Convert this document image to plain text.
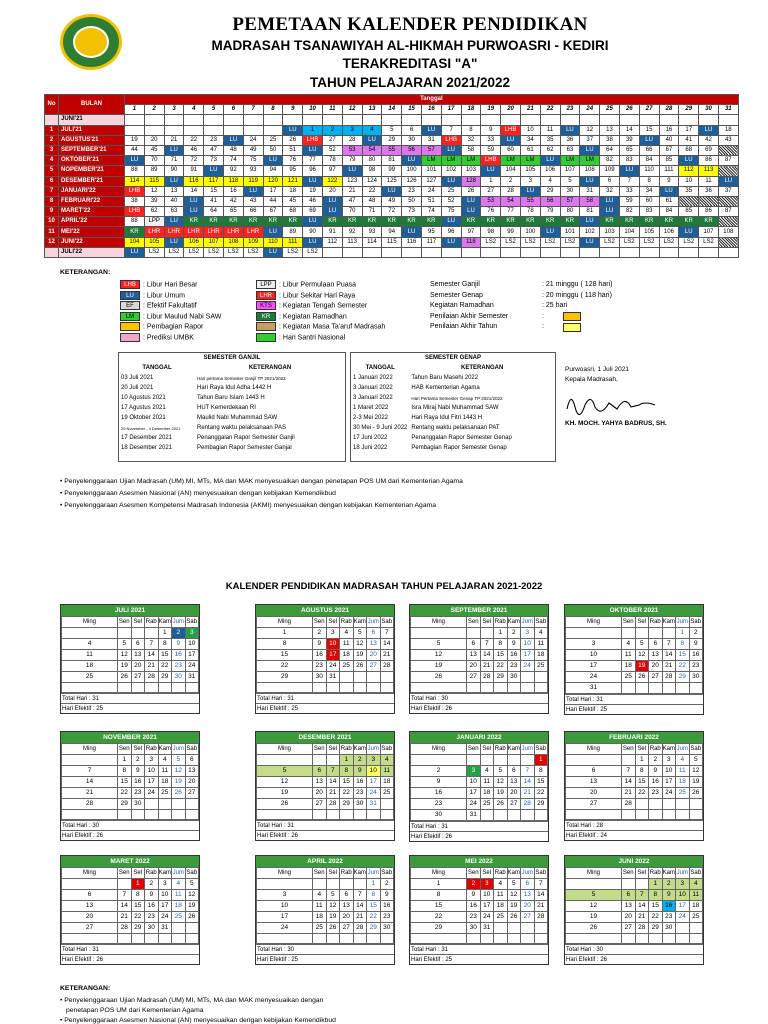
PEMETAAN KALENDER PENDIDIKAN
MADRASAH TSANAWIYAH AL-HIKMAH PURWOASRI - KEDIRI
TERAKREDITASI "A"
TAHUN PELAJARAN 2021/2022
No	BULAN	Tanggal																														
		1	2	3	4	5	6	7	8	9	10	11	12	13	14	15	16	17	18	19	20	21	22	23	24	25	26	27	28	29	30	31
	JUNI'21																															
1	JULI'21									LU	1	2	3	4	5	6	LU	7	8	9	LHB	10	11	LU	12	13	14	15	16	17	LU	18
2	AGUSTUS'21	19	20	21	22	23	LU	24	25	26	LHB	27	28	LU	29	30	31	LHB	32	33	LU	34	35	36	37	38	39	LU	40	41	42	43
3	SEPTEMBER'21	44	45	LU	46	47	48	49	50	51	LU	52	53	54	55	56	57	LU	58	59	60	61	62	63	LU	64	65	66	67	68	69	
4	OKTOBER'21	LU	70	71	72	73	74	75	LU	76	77	78	79	80	81	LU	LM	LM	LM	LHB	LM	LM	LU	LM	LM	82	83	84	85	LU	86	87
5	NOPEMBER'21	88	89	90	91	LU	92	93	94	95	96	97	LU	98	99	100	101	102	103	LU	104	105	106	107	108	109	LU	110	111	112	113	
6	DESEMBER'21	114	115	LU	116	117	118	119	120	121	LU	122	123	124	125	126	127	LU	128	1	2	3	4	5	LU	6	7	8	9	10	11	LU
7	JANUARI'22	LHB	12	13	14	15	16	LU	17	18	19	20	21	22	LU	23	24	25	26	27	28	LU	29	30	31	32	33	34	LU	35	36	37
8	FEBRUARI'22	38	39	40	LU	41	42	43	44	45	46	LU	47	48	49	50	51	52	LU	53	54	55	56	57	58	LU	59	60	61			
9	MARET'22	LHB	62	63	LU	64	65	66	67	68	69	LU	70	71	72	73	74	75	LU	76	77	78	79	80	81	LU	82	83	84	85	86	87
10	APRIL'22	88	LPP	LU	KR	KR	KR	KR	KR	KR	LU	KR	KR	KR	KR	KR	KR	LU	KR	KR	KR	KR	KR	KR	LU	KR	KR	KR	KR	KR	KR	
11	MEI'22	KR	LHR	LHR	LHR	LHR	LHR	LHR	LU	89	90	91	92	93	94	LU	95	96	97	98	99	100	LU	101	102	103	104	105	106	LU	107	108
12	JUNI'22	104	105	LU	106	107	108	109	110	111	LU	112	113	114	115	116	117	LU	118	LS2	LS2	LS2	LS2	LS2	LU	LS2	LS2	LS2	LS2	LS2	LS2	
	JULI'22	LU	LS2	LS2	LS2	LS2	LS2	LS2	LU	LS2	LS2																					
KETERANGAN:
LHB : Libur Hari Besar
LU : Libur Umum
EF : Efektif Fakultatif
LM : Libur Maulud Nabi SAW
: Pembagian Rapor
: Prediksi UMBK
LPP : Libur Permulaan Puasa
LHR : Libur Sekitar Hari Raya
KTS : Kegiatan Tengah Semester
KR : Kegiatan Ramadhan
: Kegiatan Masa Ta'aruf Madrasah
: Hari Santri Nasional
Semester Ganjil	: 21 minggu ( 128 hari)
Semester Genap	: 20 minggu ( 118 hari)
Kegiatan Ramadhan	: 25 hari
Penilaian Akhir Semester	:
Penilaian Akhir Tahun	:
SEMESTER GANJIL	
TANGGAL	KETERANGAN
03 Juli 2021	Hari pertama Semester Ganjil TP 2021/2022
20 Juli 2021	Hari Raya Idul Adha 1442 H
10 Agustus 2021	Tahun Baru Islam 1443 H
17 Agustus 2021	HUT Kemerdekaan RI
19 Oktober 2021	Maulid Nabi Muhammad SAW
29 November - 4 Desember 2021	Rentang waktu pelaksanaan PAS
17 Desember 2021	Penanggalan Rapor Semester Ganjil
18 Desember 2021	Pembagian Rapor Semester Ganjal
SEMESTER GENAP	
TANGGAL	KETERANGAN
1 Januari 2022	Tahun Baru Masehi 2022
3 Januari 2022	HAB Kementerian Agama
3 Januari 2022	Hari Pertama Semester Genap TP 2021/2022
1 Maret 2022	Isra Miraj Nabi Muhammad SAW
2-3 Mei 2022	Hari Raya Idul Fitri 1443 H
30 Mei - 9 Juni 2022	Rentang waktu pelaksanaan PAT
17 Juni 2022	Penanggalan Rapor Semester Genap
18 Juni 2022	Pembagian Rapor Semester Genap
Purwoasri, 1 Juli 2021
Kepala Madrasah,
KH. MOCH. YAHYA BADRUS, SH.
• Penyelenggaraan Ujian Madrasah (UM) MI, MTs, MA dan MAK menyesuaikan dengan penetapan POS UM dari Kementerian Agama
• Penyelenggaraan Asesmen Nasional (AN) menyesuaikan dengan kebijakan Kemendikbud
• Penyelenggaraan Asesmen Kompetensi Madrasah Indonesia (AKMI) menyesuaikan dengan kebijakan Kementerian Agama
KALENDER PENDIDIKAN MADRASAH TAHUN PELAJARAN 2021-2022
JULI 2021
Ming	Sen	Sel	Rab	Kam	Jum	Sab
				1	2	3
4	5	6	7	8	9	10
11	12	13	14	15	16	17
18	19	20	21	22	23	24
25	26	27	28	29	30	31

Total Hari : 31
Hari Efektif : 25
AGUSTUS 2021
Ming	Sen	Sel	Rab	Kam	Jum	Sab
1	2	3	4	5	6	7
8	9	10	11	12	13	14
15	16	17	18	19	20	21
22	23	24	25	26	27	28
29	30	31				

Total Hari : 31
Hari Efektif : 25
SEPTEMBER 2021
Ming	Sen	Sel	Rab	Kam	Jum	Sab
			1	2	3	4
5	6	7	8	9	10	11
12	13	14	15	16	17	18
19	20	21	22	23	24	25
26	27	28	29	30		

Total Hari : 30
Hari Efektif : 26
OKTOBER 2021
Ming	Sen	Sel	Rab	Kam	Jum	Sab
					1	2
3	4	5	6	7	8	9
10	11	12	13	14	15	16
17	18	19	20	21	22	23
24	25	26	27	28	29	30
31						
Total Hari : 31
Hari Efektif : 25
NOVEMBER 2021
Ming	Sen	Sel	Rab	Kam	Jum	Sab
	1	2	3	4	5	6
7	8	9	10	11	12	13
14	15	16	17	18	19	20
21	22	23	24	25	26	27
28	29	30				

Total Hari : 30
Hari Efektif : 26
DESEMBER 2021
Ming	Sen	Sel	Rab	Kam	Jum	Sab
			1	2	3	4
5	6	7	8	9	10	11
12	13	14	15	16	17	18
19	20	21	22	23	24	25
26	27	28	29	30	31	

Total Hari : 31
Hari Efektif : 26
JANUARI 2022
Ming	Sen	Sel	Rab	Kam	Jum	Sab
						1
2	3	4	5	6	7	8
9	10	11	12	13	14	15
16	17	18	19	20	21	22
23	24	25	26	27	28	29
30	31					
Total Hari : 31
Hari Efektif : 26
FEBRUARI 2022
Ming	Sen	Sel	Rab	Kam	Jum	Sab
		1	2	3	4	5
6	7	8	9	10	11	12
13	14	15	16	17	18	19
20	21	22	23	24	25	26
27	28					

Total Hari : 28
Hari Efektif : 24
MARET 2022
Ming	Sen	Sel	Rab	Kam	Jum	Sab
		1	2	3	4	5
6	7	8	9	10	11	12
13	14	15	16	17	18	19
20	21	22	23	24	25	26
27	28	29	30	31		

Total Hari : 31
Hari Efektif : 26
APRIL 2022
Ming	Sen	Sel	Rab	Kam	Jum	Sab
					1	2
3	4	5	6	7	8	9
10	11	12	13	14	15	16
17	18	19	20	21	22	23
24	25	26	27	28	29	30

Total Hari : 30
Hari Efektif : 25
MEI 2022
Ming	Sen	Sel	Rab	Kam	Jum	Sab
1	2	3	4	5	6	7
8	9	10	11	12	13	14
15	16	17	18	19	20	21
22	23	24	25	26	27	28
29	30	31				

Total Hari : 31
Hari Efektif : 25
JUNI 2022
Ming	Sen	Sel	Rab	Kam	Jum	Sab
			1	2	3	4
5	6	7	8	9	10	11
12	13	14	15	16	17	18
19	20	21	22	23	24	25
26	27	28	29	30		

Total Hari : 30
Hari Efektif : 26
KETERANGAN:
• Penyelenggaraan Ujian Madrasah (UM) MI, MTs, MA dan MAK menyesuaikan dengan
penetapan POS UM dari Kementerian Agama
• Penyelenggaraan Asesmen Nasional (AN) menyesuaikan dengan kebijakan Kemendikbud
